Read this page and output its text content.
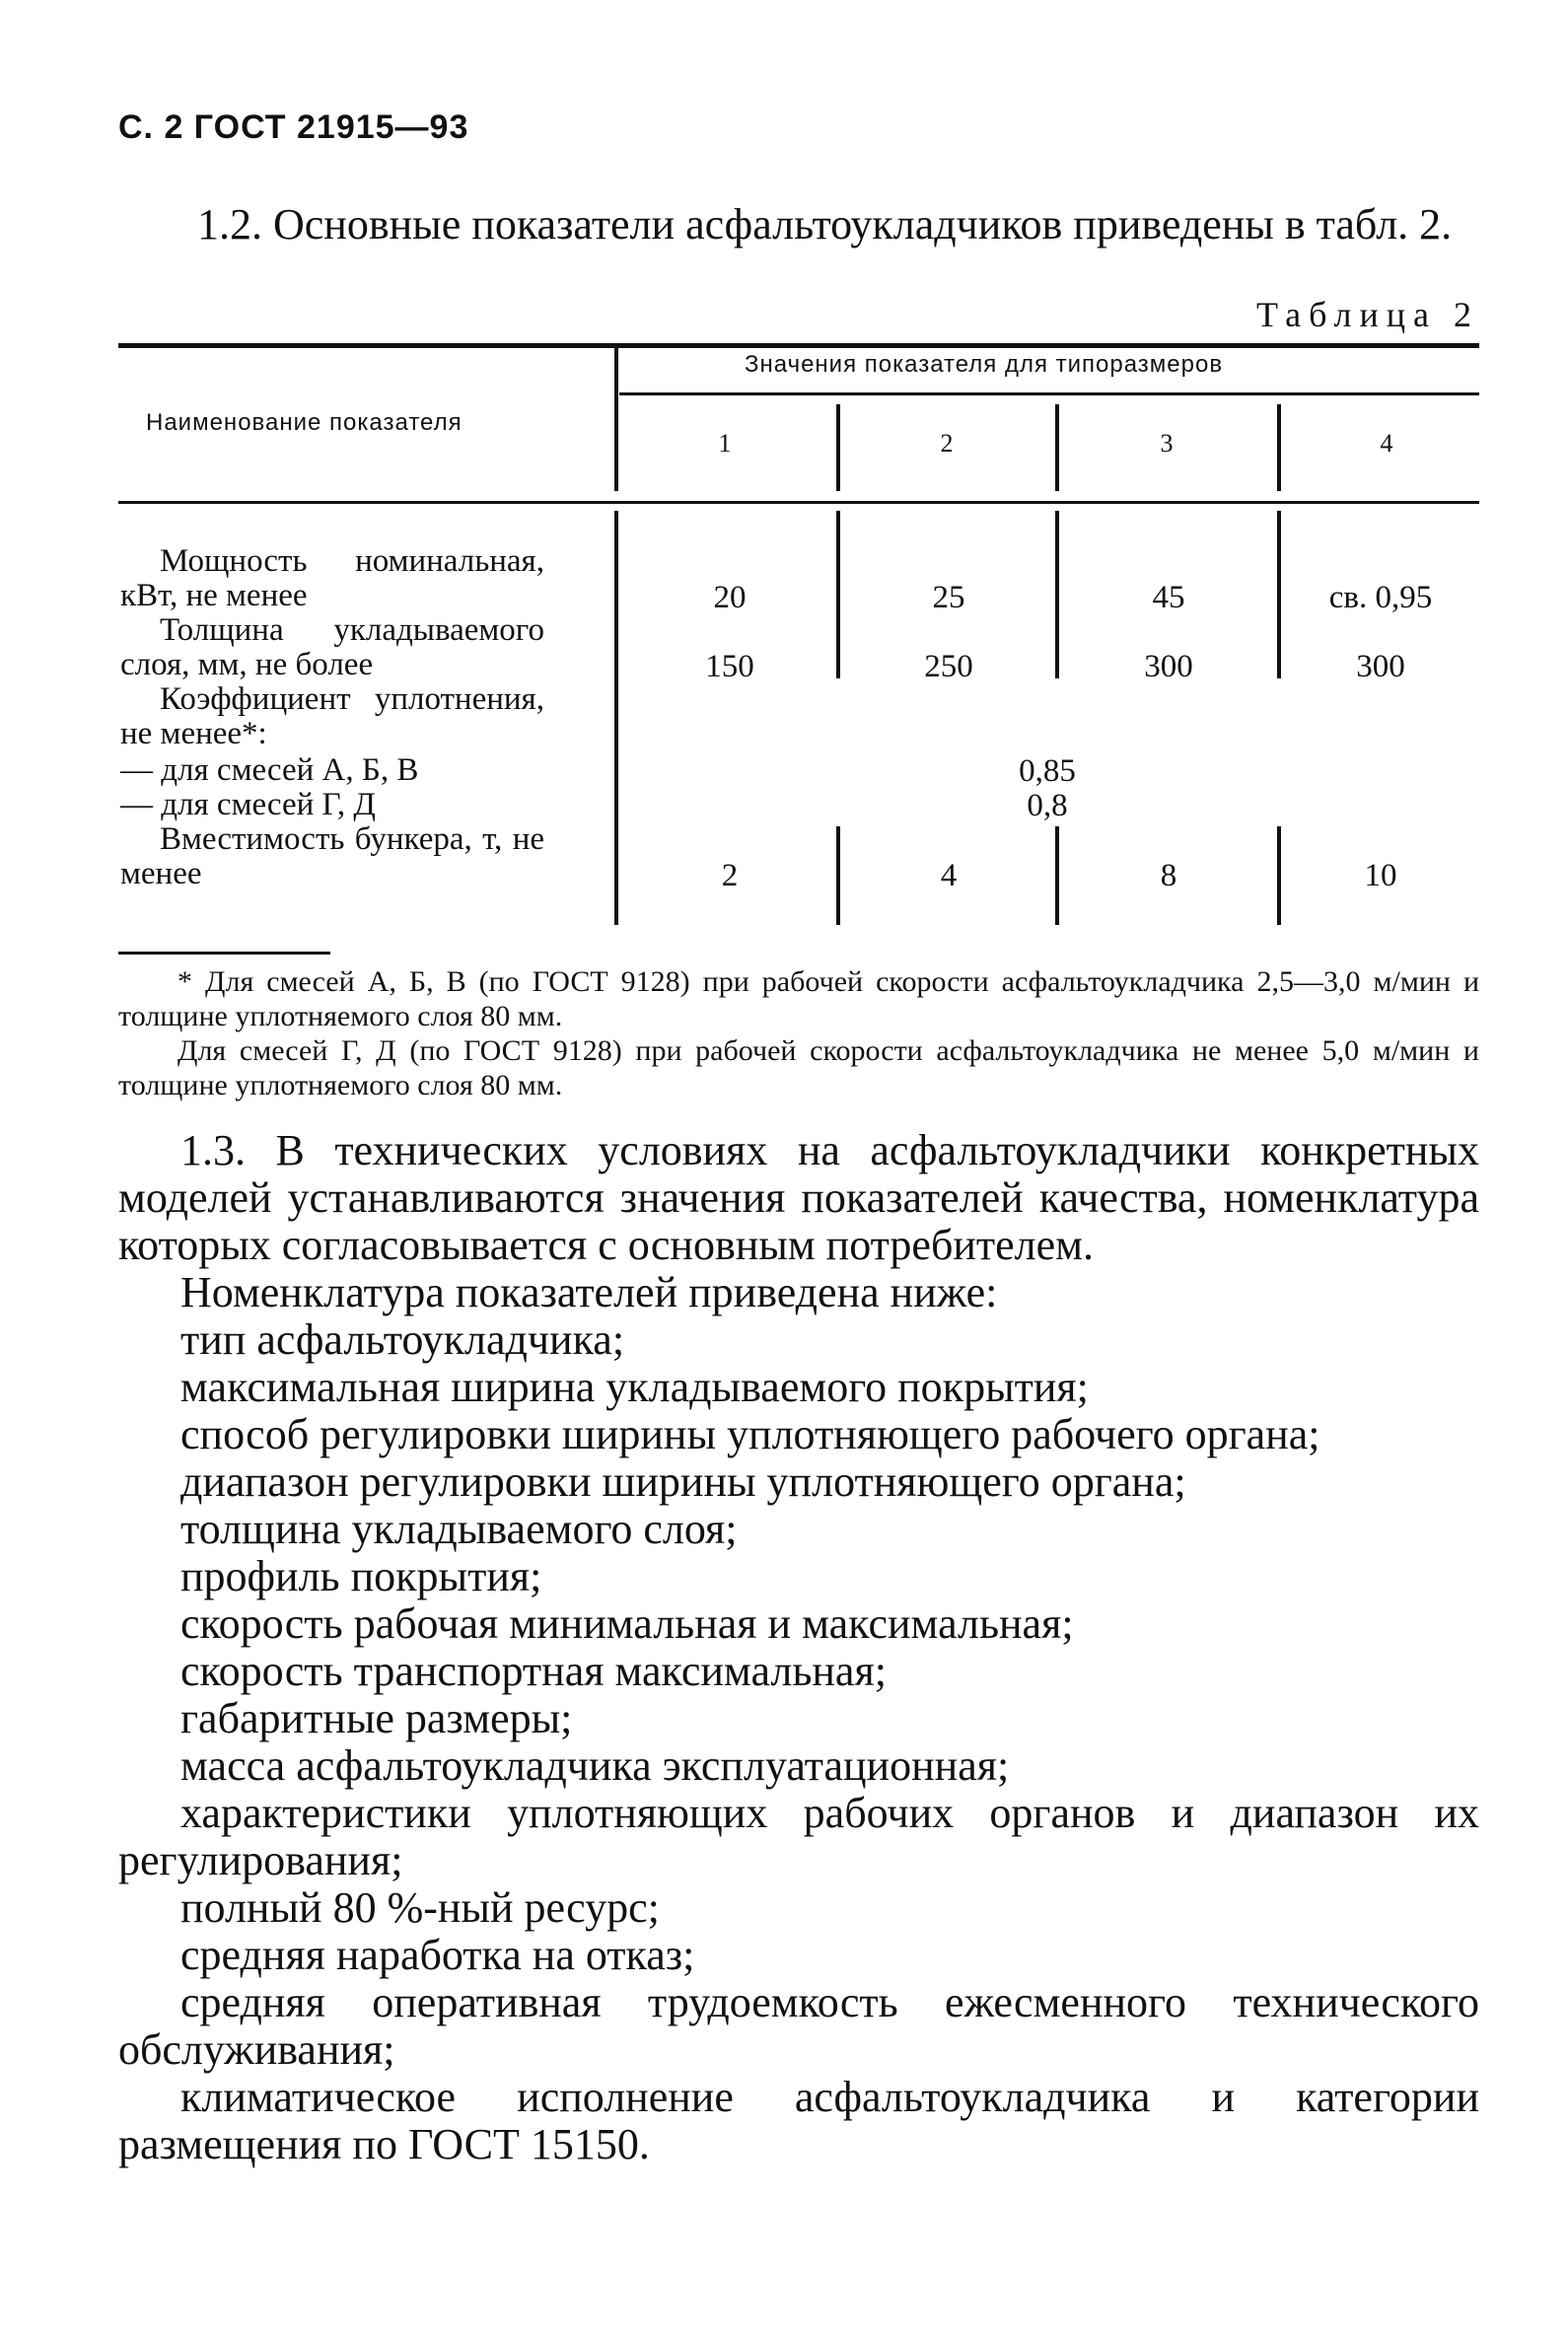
С. 2 ГОСТ 21915—93

1.2. Основные показатели асфальтоукладчиков приведены в табл. 2.

Таблица 2
Наименование показателя
Значения показателя для типоразмеров
1	2	3	4
Мощность номинальная, кВт, не менее	20	25	45	св. 0,95
Толщина укладываемого слоя, мм, не более	150	250	300	300
Коэффициент уплотнения, не менее*:
— для смесей А, Б, В	0,85
— для смесей Г, Д	0,8
Вместимость бункера, т, не менее	2	4	8	10

* Для смесей А, Б, В (по ГОСТ 9128) при рабочей скорости асфальтоукладчика 2,5—3,0 м/мин и толщине уплотняемого слоя 80 мм.

Для смесей Г, Д (по ГОСТ 9128) при рабочей скорости асфальтоукладчика не менее 5,0 м/мин и толщине уплотняемого слоя 80 мм.

1.3. В технических условиях на асфальтоукладчики конкретных моделей устанавливаются значения показателей качества, номенклатура которых согласовывается с основным потребителем.

Номенклатура показателей приведена ниже:

тип асфальтоукладчика;

максимальная ширина укладываемого покрытия;

способ регулировки ширины уплотняющего рабочего органа;

диапазон регулировки ширины уплотняющего органа;

толщина укладываемого слоя;

профиль покрытия;

скорость рабочая минимальная и максимальная;

скорость транспортная максимальная;

габаритные размеры;

масса асфальтоукладчика эксплуатационная;

характеристики уплотняющих рабочих органов и диапазон их регулирования;

полный 80 %-ный ресурс;

средняя наработка на отказ;

средняя оперативная трудоемкость ежесменного технического обслуживания;

климатическое исполнение асфальтоукладчика и категории размещения по ГОСТ 15150.
